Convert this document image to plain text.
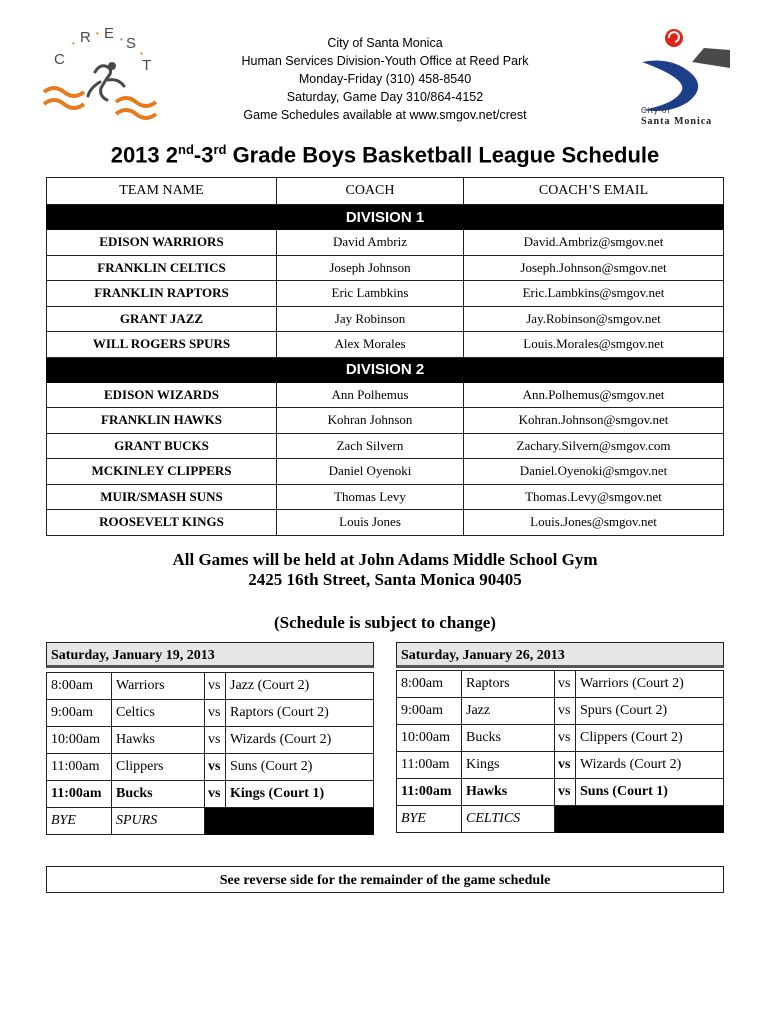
C
• R • E • S
•
T
City of Santa Monica
Human Services Division-Youth Office at Reed Park
Monday-Friday (310) 458-8540
Saturday, Game Day 310/864-4152
Game Schedules available at www.smgov.net/crest	City of
Santa Monica
2013 2nd-3rd Grade Boys Basketball League Schedule
TEAM NAME	COACH	COACH’S EMAIL
DIVISION 1		
EDISON WARRIORS	David Ambriz	David.Ambriz@smgov.net
FRANKLIN CELTICS	Joseph Johnson	Joseph.Johnson@smgov.net
FRANKLIN RAPTORS	Eric Lambkins	Eric.Lambkins@smgov.net
GRANT JAZZ	Jay Robinson	Jay.Robinson@smgov.net
WILL ROGERS SPURS	Alex Morales	Louis.Morales@smgov.net
DIVISION 2		
EDISON WIZARDS	Ann Polhemus	Ann.Polhemus@smgov.net
FRANKLIN HAWKS	Kohran Johnson	Kohran.Johnson@smgov.net
GRANT BUCKS	Zach Silvern	Zachary.Silvern@smgov.com
MCKINLEY CLIPPERS	Daniel Oyenoki	Daniel.Oyenoki@smgov.net
MUIR/SMASH SUNS	Thomas Levy	Thomas.Levy@smgov.net
ROOSEVELT KINGS	Louis Jones	Louis.Jones@smgov.net
All Games will be held at John Adams Middle School Gym
2425 16th Street, Santa Monica 90405
(Schedule is subject to change)
Saturday, January 19, 2013
8:00am	Warriors	vs	Jazz (Court 2)
9:00am	Celtics	vs	Raptors (Court 2)
10:00am	Hawks	vs	Wizards (Court 2)
11:00am	Clippers	vs	Suns (Court 2)
11:00am	Bucks	vs	Kings (Court 1)
BYE	SPURS		
Saturday, January 26, 2013
8:00am	Raptors	vs	Warriors (Court 2)
9:00am	Jazz	vs	Spurs (Court 2)
10:00am	Bucks	vs	Clippers (Court 2)
11:00am	Kings	vs	Wizards (Court 2)
11:00am	Hawks	vs	Suns (Court 1)
BYE	CELTICS		
See reverse side for the remainder of the game schedule
